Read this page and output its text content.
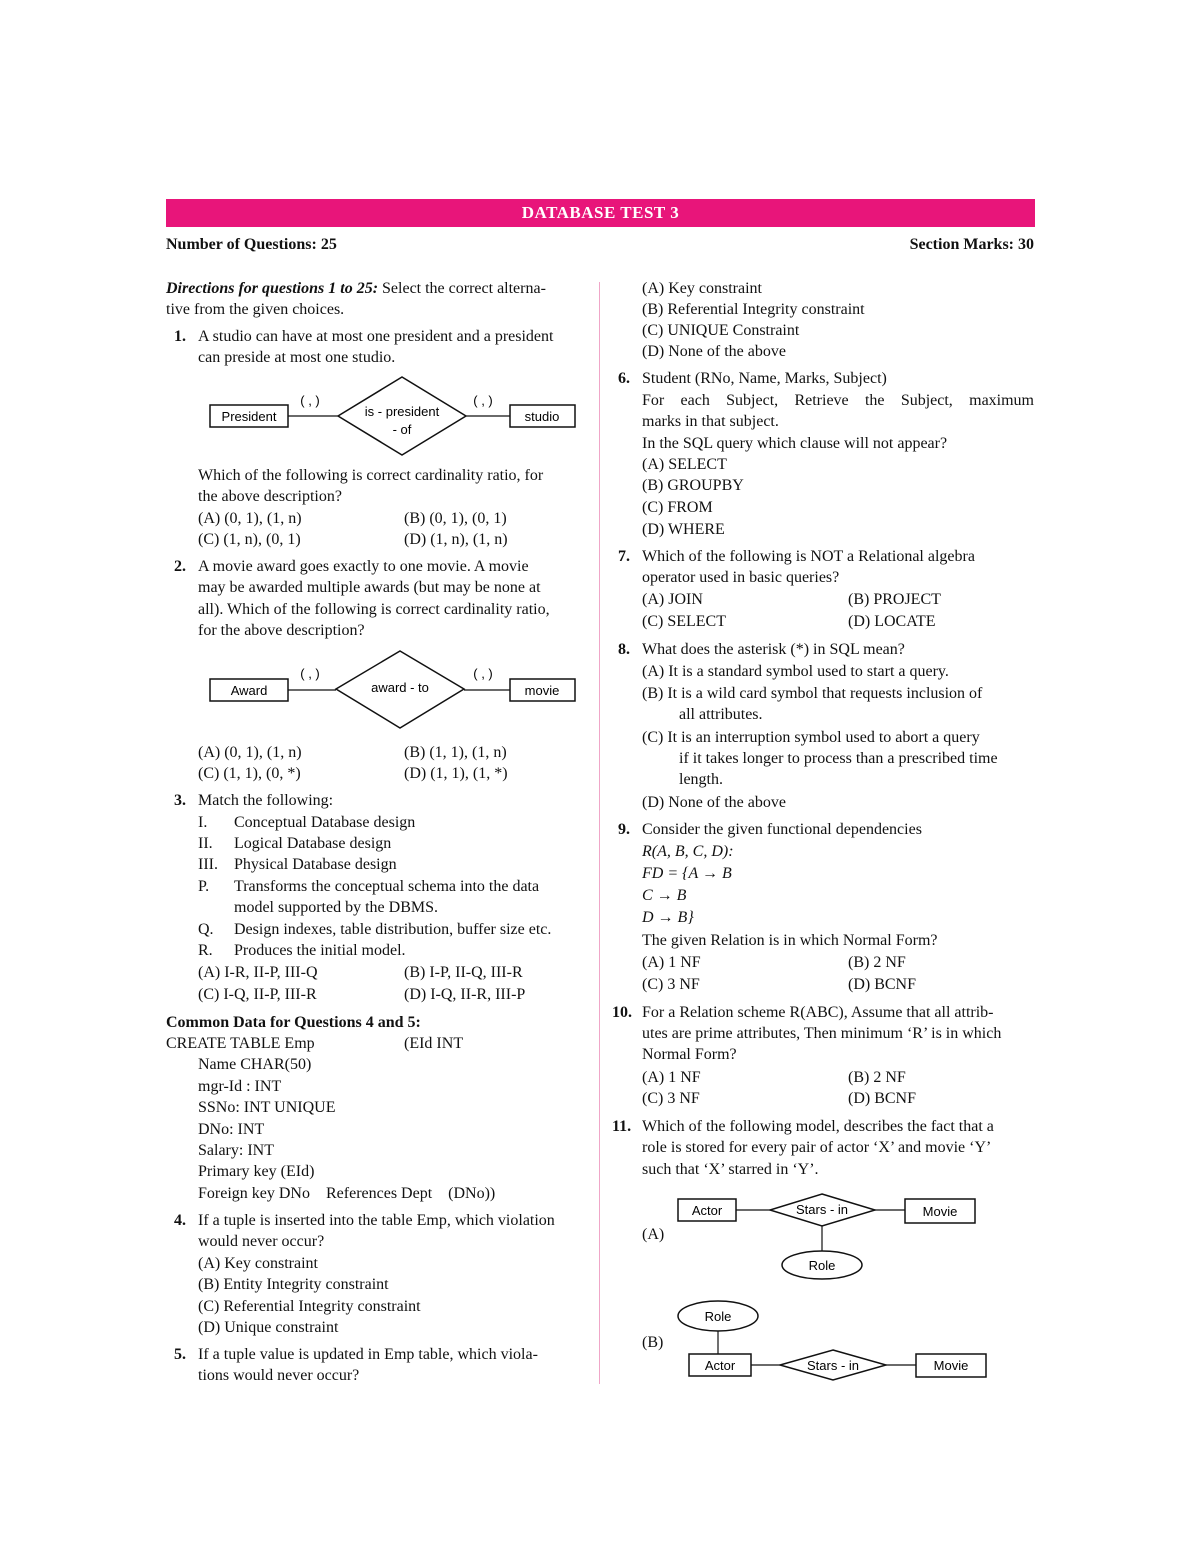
DATABASE TEST 3
Number of Questions: 25	Section Marks: 30
Directions for questions 1 to 25: Select the correct alterna-
tive from the given choices.
1. A studio can have at most one president and a president
can preside at most one studio.
President	is - president
- of
studio
( , )	( , )
Which of the following is correct cardinality ratio, for
the above description?
(A) (0, 1), (1, n)	(B) (0, 1), (0, 1)
(C) (1, n), (0, 1)	(D) (1, n), (1, n)
2. A movie award goes exactly to one movie. A movie
may be awarded multiple awards (but may be none at
all). Which of the following is correct cardinality ratio,
for the above description?
Award	award - to	movie
( , )	( , )
(A) (0, 1), (1, n)	(B) (1, 1), (1, n)
(C) (1, 1), (0, *)	(D) (1, 1), (1, *)
3. Match the following:
I. Conceptual Database design
II. Logical Database design
III. Physical Database design
P. Transforms the conceptual schema into the data
model supported by the DBMS.
Q. Design indexes, table distribution, buffer size etc.
R. Produces the initial model.
(A) I-R, II-P, III-Q	(B) I-P, II-Q, III-R
(C) I-Q, II-P, III-R	(D) I-Q, II-R, III-P
Common Data for Questions 4 and 5:
CREATE TABLE Emp	(EId INT
Name CHAR(50)
mgr-Id : INT
SSNo: INT UNIQUE
DNo: INT
Salary: INT
Primary key (EId)
Foreign key DNo    References Dept    (DNo))
4. If a tuple is inserted into the table Emp, which violation
would never occur?
(A) Key constraint
(B) Entity Integrity constraint
(C) Referential Integrity constraint
(D) Unique constraint
5. If a tuple value is updated in Emp table, which viola-
tions would never occur?
(A) Key constraint
(B) Referential Integrity constraint
(C) UNIQUE Constraint
(D) None of the above
6. Student (RNo, Name, Marks, Subject)
For each Subject, Retrieve the Subject, maximum
marks in that subject.
In the SQL query which clause will not appear?
(A) SELECT
(B) GROUPBY
(C) FROM
(D) WHERE
7. Which of the following is NOT a Relational algebra
operator used in basic queries?
(A) JOIN	(B) PROJECT
(C) SELECT	(D) LOCATE
8. What does the asterisk (*) in SQL mean?
(A) It is a standard symbol used to start a query.
(B) It is a wild card symbol that requests inclusion of
all attributes.
(C) It is an interruption symbol used to abort a query
if it takes longer to process than a prescribed time
length.
(D) None of the above
9. Consider the given functional dependencies
R(A, B, C, D):
FD = {A → B
C → B
D → B}
The given Relation is in which Normal Form?
(A) 1 NF	(B) 2 NF
(C) 3 NF	(D) BCNF
10. For a Relation scheme R(ABC), Assume that all attrib-
utes are prime attributes, Then minimum ‘R’ is in which
Normal Form?
(A) 1 NF	(B) 2 NF
(C) 3 NF	(D) BCNF
11. Which of the following model, describes the fact that a
role is stored for every pair of actor ‘X’ and movie ‘Y’
such that ‘X’ starred in ‘Y’.
(A)
Actor	Stars - in	Movie
Role
(B)
Role
Actor	Stars - in	Movie
